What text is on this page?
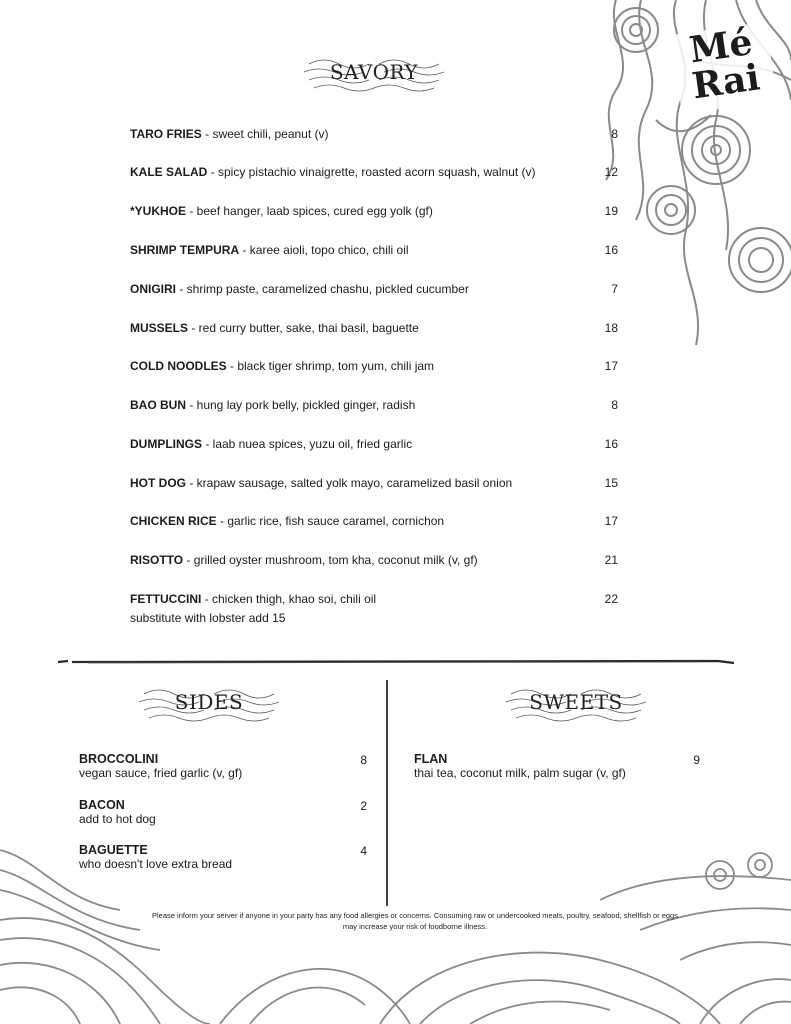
Mé Rai
SAVORY
TARO FRIES - sweet chili, peanut (v)	8
KALE SALAD - spicy pistachio vinaigrette, roasted acorn squash, walnut (v)	12
*YUKHOE - beef hanger, laab spices, cured egg yolk (gf)	19
SHRIMP TEMPURA - karee aioli, topo chico, chili oil	16
ONIGIRI - shrimp paste, caramelized chashu, pickled cucumber	7
MUSSELS - red curry butter, sake, thai basil, baguette	18
COLD NOODLES - black tiger shrimp, tom yum, chili jam	17
BAO BUN - hung lay pork belly, pickled ginger, radish	8
DUMPLINGS - laab nuea spices, yuzu oil, fried garlic	16
HOT DOG - krapaw sausage, salted yolk mayo, caramelized basil onion	15
CHICKEN RICE - garlic rice, fish sauce caramel, cornichon	17
RISOTTO - grilled oyster mushroom, tom kha, coconut milk (v, gf)	21
FETTUCCINI - chicken thigh, khao soi, chili oil	22
substitute with lobster add 15
SIDES	SWEETS
BROCCOLINI
vegan sauce, fried garlic (v, gf)
8
BACON
add to hot dog
2
BAGUETTE
who doesn't love extra bread
4
FLAN
thai tea, coconut milk, palm sugar (v, gf)
9
Please inform your server if anyone in your party has any food allergies or concerns. Consuming raw or undercooked meats, poultry, seafood, shellfish or eggs may increase your risk of foodborne illness.
